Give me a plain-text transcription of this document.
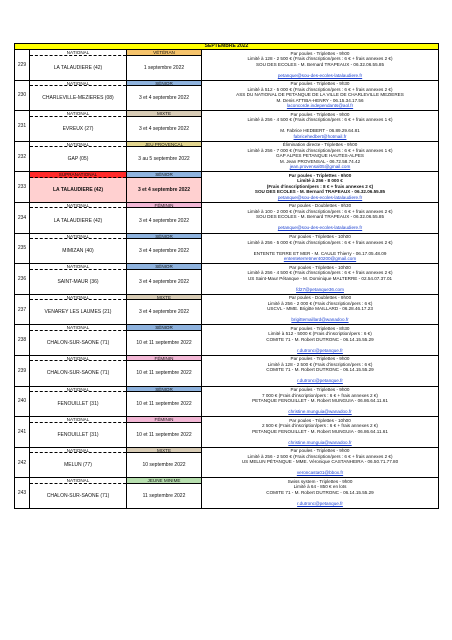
SEPTEMBRE 2022
229
NATIONAL
LA TALAUDIERE (42)
VÉTÉRAN
1 septembre 2022
Par poules - Triplettes - 9h00
Limité à 128 - 2 500 € (Frais d'inscription/pers : 6 € + frais annexes 2 €)
SOU DES ECOLES - M. Bernard TRAPEAUX - 06.32.06.55.85

petanque@sou-des-ecoles-latalaudiere.fr
230
NATIONAL
CHARLEVILLE-MEZIERES (08)
SÉNIOR
3 et 4 septembre 2022
Par poules - Triplettes - 9h30
Limité à 512 - 5 000 € (Frais d'inscription/pers : 6 € + frais annexes 2 €)
ASS DU NATIONAL DE PETANQUE DE LA VILLE DE CHARLEVILLE MEZIERES
M. Denis ATTIBA-HENRY - 06.15.34.17.56
laconcorde.independants@aol.fr
231
NATIONAL
EVREUX (27)
MIXTE
3 et 4 septembre 2022
Par poules - Triplettes - 9h00
Limité à 256 - 4 500 € (Frais d'inscription/pers : 6 € + frais annexes 1 €)

M. Fabrice HEDBERT - 06.89.29.64.81
fabricehedbert@hotmail.fr
232
NATIONAL
GAP (05)
JEU PROVENÇAL
3 au 5 septembre 2022
Élimination directe - Triplettes - 9h00
Limité à 256 - 7 000 € (Frais d'inscription/pers : 6 € + frais annexes 1 €)
GAP ALPES PETANQUE HAUTES-ALPES
M. Jean PROVENSAL - 06.72.58.74.42
jean.provensal05@gmail.com
233
SUPRANATIONAL
LA TALAUDIERE (42)
SÉNIOR
3 et 4 septembre 2022
Par poules - Triplettes - 9h00
Limité à 256 - 8 000 €
(Frais d'inscription/pers : 8 € + frais annexes 2 €)
SOU DES ECOLES - M. Bernard TRAPEAUX - 06.32.06.55.85
petanque@sou-des-ecoles-latalaudiere.fr
234
NATIONAL
LA TALAUDIERE (42)
FÉMININ
3 et 4 septembre 2022
Par poules - Doublettes - 9h30
Limité à 100 - 2 000 € (Frais d'inscription/pers : 6 € + frais annexes 2 €)
SOU DES ECOLES - M. Bernard TRAPEAUX - 06.32.06.55.85

petanque@sou-des-ecoles-latalaudiere.fr
235
NATIONAL
MIMIZAN (40)
SÉNIOR
3 et 4 septembre 2022
Par poules - Triplettes - 10h00
Limité à 256 - 5 000 € (Frais d'inscription/pers : 6 € + frais annexes 2 €)

ENTENTE TERRE ET MER - M. CAULE Thierry - 06.17.05.48.09
ententeterretmer40200@gmail.com
236
NATIONAL
SAINT-MAUR (36)
SÉNIOR
3 et 4 septembre 2022
Par poules - Triplettes - 10h00
Limité à 256 - 4 500 € (Frais d'inscription/pers : 6 € + frais annexes 2 €)
US Saint-Maur Pétanque - M. Dominique MALTERRE - 02.54.07.37.01

fd27@petanque36.com
237
NATIONAL
VENAREY LES LAUMES (21)
MIXTE
3 et 4 septembre 2022
Par poules - Doublettes - 9h00
Limité à 256 - 2 000 € (Frais d'inscription/pers : 6 €)
USCVL - MME. Brigitte MAILLARD - 06.28.46.17.23

brigittemaillard@wanadoo.fr
238
NATIONAL
CHALON-SUR-SAONE (71)
SÉNIOR
10 et 11 septembre 2022
Par poules - Triplettes - 8h30
Limité à 512 - 5000 € (Frais d'inscription/pers : 6 €)
COMITE 71 - M. Robert DUTRONC - 06.14.15.55.29

r.dutronc@petanque.fr
239
NATIONAL
CHALON-SUR-SAONE (71)
FÉMININ
10 et 11 septembre 2022
Par poules - Triplettes - 9h00
Limité à 128 - 2 500 € (Frais d'inscription/pers : 6 €)
COMITE 71 - M. Robert DUTRONC - 06.14.15.55.29

r.dutronc@petanque.fr
240
NATIONAL
FENOUILLET (31)
SÉNIOR
10 et 11 septembre 2022
Par poules - Triplettes - 9h00
7 000 € (Frais d'inscription/pers : 6 € + frais annexes 2 €)
PETANQUE FENOUILLET - M. Robert MUNGUIA - 06.86.64.11.61

christine.munguia@wanadoo.fr
241
NATIONAL
FENOUILLET (31)
FÉMININ
10 et 11 septembre 2022
Par poules - Triplettes - 10h00
2 500 € (Frais d'inscription/pers : 6 € + frais annexes 2 €)
PETANQUE FENOUILLET - M. Robert MUNGUIA - 06.86.64.11.61

christine.munguia@wanadoo.fr
242
NATIONAL
MELUN (77)
MIXTE
10 septembre 2022
Par poules - Triplettes - 9h00
Limité à 256 - 2 500 € (Frais d'inscription/pers : 6 € + frais annexes 2 €)
US MELUN PÉTANQUE - MME. Véronique CASTANHEIRA - 06.50.71.77.80

veroncasta01@bbox.fr
243
NATIONAL
CHALON-SUR-SAONE (71)
JEUNE MINIME
11 septembre 2022
Swiss system - Triplettes - 9h00
Limité à 64 - 850 € en lots
COMITE 71 - M. Robert DUTRONC - 06.14.15.55.29

r.dutronc@petanque.fr
